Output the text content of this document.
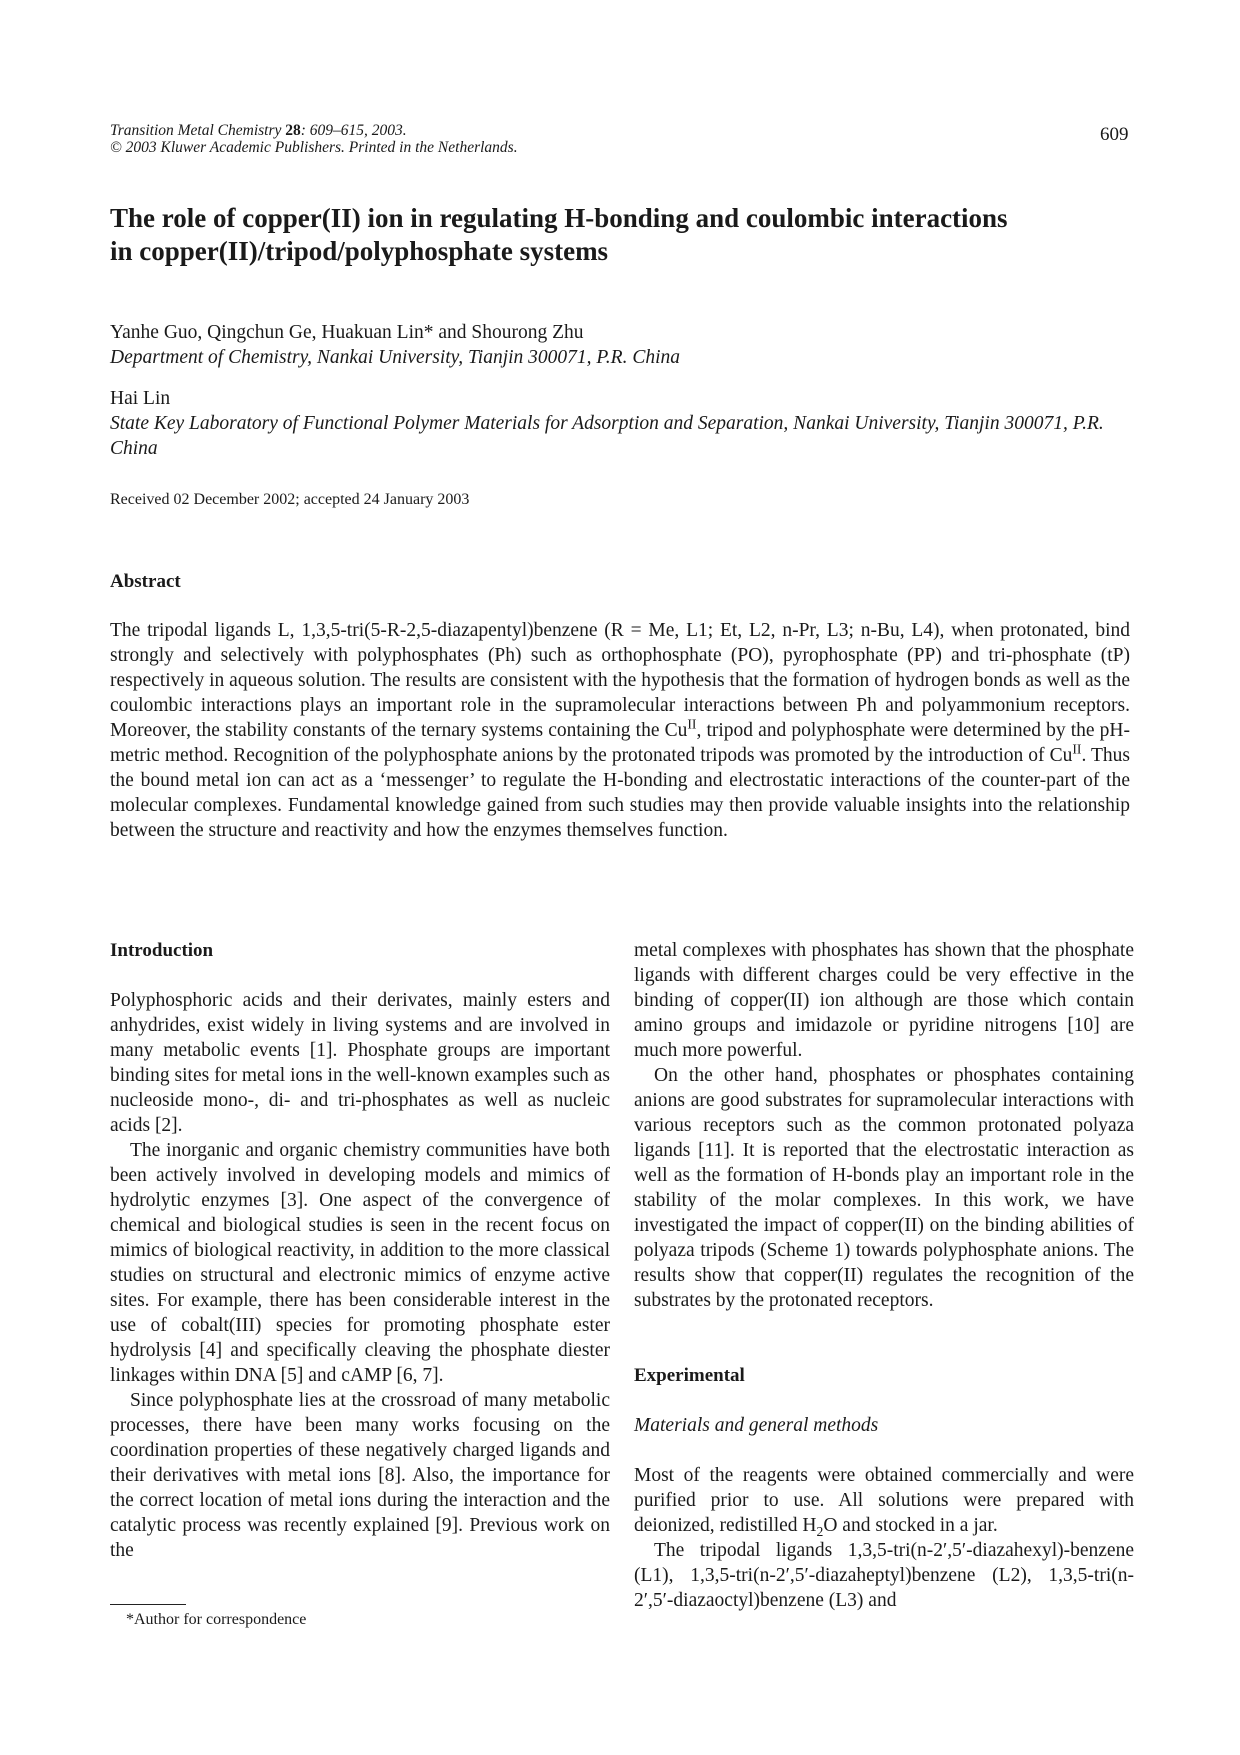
Transition Metal Chemistry 28: 609–615, 2003.
© 2003 Kluwer Academic Publishers. Printed in the Netherlands.
609
The role of copper(II) ion in regulating H-bonding and coulombic interactions
in copper(II)/tripod/polyphosphate systems
Yanhe Guo, Qingchun Ge, Huakuan Lin* and Shourong Zhu
Department of Chemistry, Nankai University, Tianjin 300071, P.R. China
Hai Lin
State Key Laboratory of Functional Polymer Materials for Adsorption and Separation, Nankai University, Tianjin 300071, P.R. China
Received 02 December 2002; accepted 24 January 2003
Abstract
The tripodal ligands L, 1,3,5-tri(5-R-2,5-diazapentyl)benzene (R = Me, L1; Et, L2, n-Pr, L3; n-Bu, L4), when protonated, bind strongly and selectively with polyphosphates (Ph) such as orthophosphate (PO), pyrophosphate (PP) and tri-phosphate (tP) respectively in aqueous solution. The results are consistent with the hypothesis that the formation of hydrogen bonds as well as the coulombic interactions plays an important role in the supramolecular interactions between Ph and polyammonium receptors. Moreover, the stability constants of the ternary systems containing the $Cu^{II}$, tripod and polyphosphate were determined by the pH-metric method. Recognition of the polyphosphate anions by the protonated tripods was promoted by the introduction of $Cu^{II}$. Thus the bound metal ion can act as a ‘messenger’ to regulate the H-bonding and electrostatic interactions of the counter-part of the molecular complexes. Fundamental knowledge gained from such studies may then provide valuable insights into the relationship between the structure and reactivity and how the enzymes themselves function.

Introduction

Polyphosphoric acids and their derivates, mainly esters and anhydrides, exist widely in living systems and are involved in many metabolic events [1]. Phosphate groups are important binding sites for metal ions in the well-known examples such as nucleoside mono-, di- and tri-phosphates as well as nucleic acids [2].

The inorganic and organic chemistry communities have both been actively involved in developing models and mimics of hydrolytic enzymes [3]. One aspect of the convergence of chemical and biological studies is seen in the recent focus on mimics of biological reactivity, in addition to the more classical studies on structural and electronic mimics of enzyme active sites. For example, there has been considerable interest in the use of cobalt(III) species for promoting phosphate ester hydrolysis [4] and specifically cleaving the phosphate diester linkages within DNA [5] and cAMP [6, 7].

Since polyphosphate lies at the crossroad of many metabolic processes, there have been many works focusing on the coordination properties of these negatively charged ligands and their derivatives with metal ions [8]. Also, the importance for the correct location of metal ions during the interaction and the catalytic process was recently explained [9]. Previous work on the

metal complexes with phosphates has shown that the phosphate ligands with different charges could be very effective in the binding of copper(II) ion although are those which contain amino groups and imidazole or pyridine nitrogens [10] are much more powerful.

On the other hand, phosphates or phosphates containing anions are good substrates for supramolecular interactions with various receptors such as the common protonated polyaza ligands [11]. It is reported that the electrostatic interaction as well as the formation of H-bonds play an important role in the stability of the molar complexes. In this work, we have investigated the impact of copper(II) on the binding abilities of polyaza tripods (Scheme 1) towards polyphosphate anions. The results show that copper(II) regulates the recognition of the substrates by the protonated receptors.

Experimental

Materials and general methods

Most of the reagents were obtained commercially and were purified prior to use. All solutions were prepared with deionized, redistilled $H_2O$ and stocked in a jar.

The tripodal ligands 1,3,5-tri(n-2′,5′-diazahexyl)-benzene (L1), 1,3,5-tri(n-2′,5′-diazaheptyl)benzene (L2), 1,3,5-tri(n-2′,5′-diazaoctyl)benzene (L3) and

*Author for correspondence
